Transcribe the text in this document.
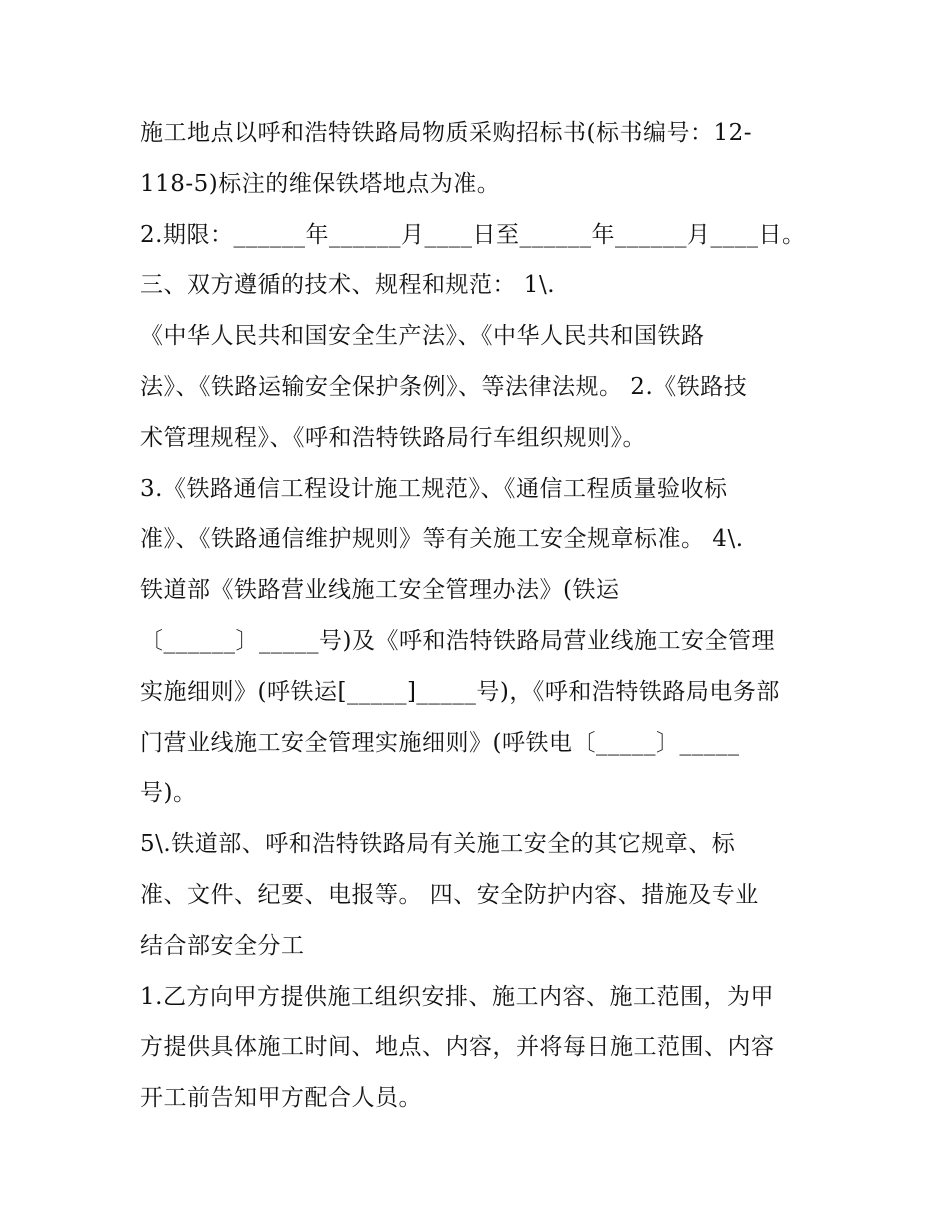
施工地点以呼和浩特铁路局物质采购招标书(标书编号：12-
118-5)标注的维保铁塔地点为准。
2.期限：______年______月____日至______年______月____日。
三、双方遵循的技术、规程和规范： 1\.
《中华人民共和国安全生产法》、《中华人民共和国铁路
法》、《铁路运输安全保护条例》、等法律法规。 2.《铁路技
术管理规程》、《呼和浩特铁路局行车组织规则》。
3.《铁路通信工程设计施工规范》、《通信工程质量验收标
准》、《铁路通信维护规则》等有关施工安全规章标准。 4\.
铁道部《铁路营业线施工安全管理办法》(铁运
〔______〕_____号)及《呼和浩特铁路局营业线施工安全管理
实施细则》(呼铁运[_____]_____号)，《呼和浩特铁路局电务部
门营业线施工安全管理实施细则》(呼铁电〔_____〕_____
号)。
5\.铁道部、呼和浩特铁路局有关施工安全的其它规章、标
准、文件、纪要、电报等。 四、安全防护内容、措施及专业
结合部安全分工
1.乙方向甲方提供施工组织安排、施工内容、施工范围，为甲
方提供具体施工时间、地点、内容，并将每日施工范围、内容
开工前告知甲方配合人员。
